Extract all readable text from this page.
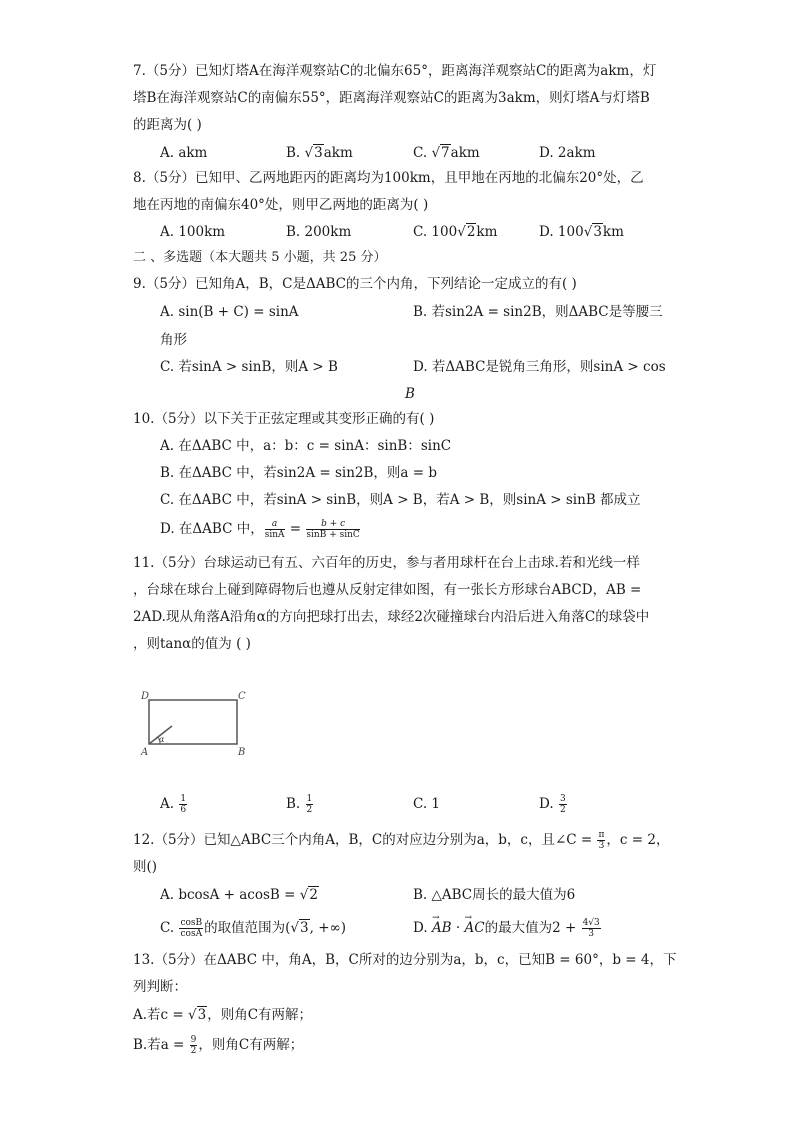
7.（5分）已知灯塔A在海洋观察站C的北偏东65°，距离海洋观察站C的距离为akm，灯
塔B在海洋观察站C的南偏东55°，距离海洋观察站C的距离为3akm，则灯塔A与灯塔B
的距离为( )
A. akm	B. √3akm	C. √7akm	D. 2akm
8.（5分）已知甲、乙两地距丙的距离均为100km，且甲地在丙地的北偏东20°处，乙
地在丙地的南偏东40°处，则甲乙两地的距离为( )
A. 100km	B. 200km	C. 100√2km	D. 100√3km
二 、多选题（本大题共 5 小题，共 25 分）
9.（5分）已知角A，B，C是ΔABC的三个内角，下列结论一定成立的有( )
A. sin(B + C) = sinA	B. 若sin2A = sin2B，则ΔABC是等腰三
角形
C. 若sinA > sinB，则A > B	D. 若ΔABC是锐角三角形，则sinA > cos
B
10.（5分）以下关于正弦定理或其变形正确的有( )
A. 在ΔABC 中，a：b：c = sinA：sinB：sinC
B. 在ΔABC 中，若sin2A = sin2B，则a = b
C. 在ΔABC 中，若sinA > sinB，则A > B，若A > B，则sinA > sinB 都成立
D. 在ΔABC 中， $\frac{a}{\sin A} = \frac{b + c}{\sin B + \sin C}$
11.（5分）台球运动已有五、六百年的历史，参与者用球杆在台上击球.若和光线一样
，台球在球台上碰到障碍物后也遵从反射定律如图，有一张长方形球台ABCD，AB =
2AD.现从角落A沿角α的方向把球打出去，球经2次碰撞球台内沿后进入角落C的球袋中
，则tanα的值为 ( )
D	C
A	B
α
A. $\frac{1}{6}$	B. $\frac{1}{2}$	C. 1	D. $\frac{3}{2}$
12.（5分）已知△ABC三个内角A，B，C的对应边分别为a，b，c，且∠C = $\frac{\pi}{3}$ ，c = 2，
则()
A. bcosA + acosB = √2	B. △ABC周长的最大值为6
C. $\frac{\cos B}{\cos A}$ 的取值范围为(√3, +∞)	D. → AB · → AC的最大值为$2 + \frac{4√3}{3}$
13.（5分）在ΔABC 中，角A，B，C所对的边分别为a，b，c，已知B = 60°，b = 4，下
列判断：
A.若c = √3，则角C有两解；
B.若$a = \frac{9}{2}$ ，则角C有两解；
